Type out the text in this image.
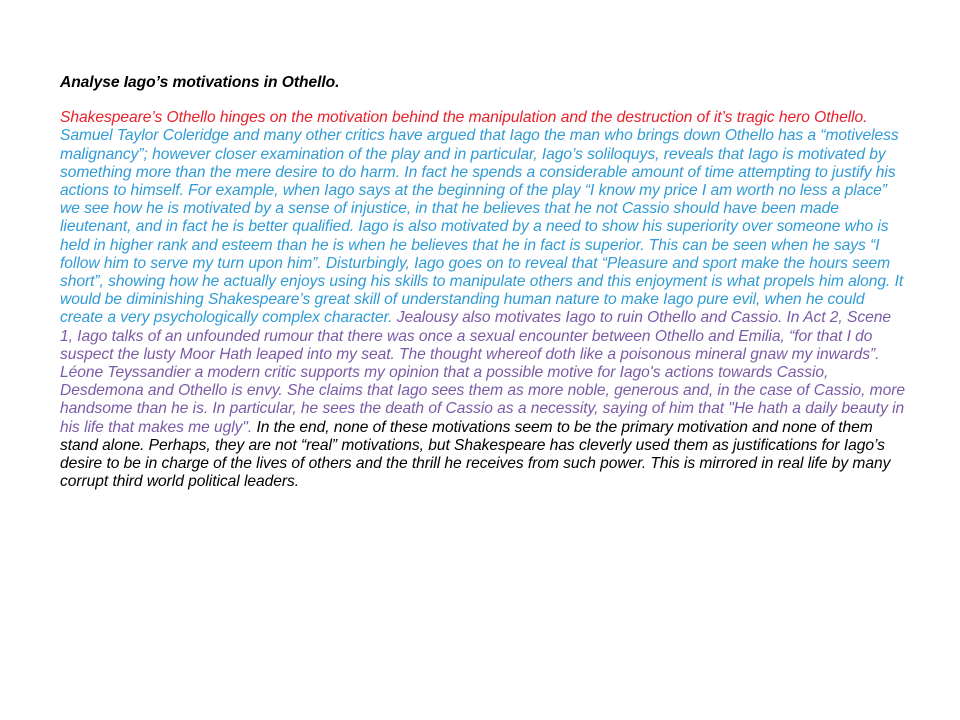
Analyse Iago’s motivations in Othello.

Shakespeare’s Othello hinges on the motivation behind the manipulation and the destruction of it’s tragic hero Othello. Samuel Taylor Coleridge and many other critics have argued that Iago the man who brings down Othello has a “motiveless malignancy”; however closer examination of the play and in particular, Iago’s soliloquys, reveals that Iago is motivated by something more than the mere desire to do harm. In fact he spends a considerable amount of time attempting to justify his actions to himself. For example, when Iago says at the beginning of the play “I know my price I am worth no less a place” we see how he is motivated by a sense of injustice, in that he believes that he not Cassio should have been made lieutenant, and in fact he is better qualified. Iago is also motivated by a need to show his superiority over someone who is held in higher rank and esteem than he is when he believes that he in fact is superior. This can be seen when he says “I follow him to serve my turn upon him”. Disturbingly, Iago goes on to reveal that “Pleasure and sport make the hours seem short”, showing how he actually enjoys using his skills to manipulate others and this enjoyment is what propels him along. It would be diminishing Shakespeare’s great skill of understanding human nature to make Iago pure evil, when he could create a very psychologically complex character. Jealousy also motivates Iago to ruin Othello and Cassio. In Act 2, Scene 1, Iago talks of an unfounded rumour that there was once a sexual encounter between Othello and Emilia, “for that I do suspect the lusty Moor Hath leaped into my seat. The thought whereof doth like a poisonous mineral gnaw my inwards”. Léone Teyssandier a modern critic supports my opinion that a possible motive for Iago's actions towards Cassio, Desdemona and Othello is envy. She claims that Iago sees them as more noble, generous and, in the case of Cassio, more handsome than he is. In particular, he sees the death of Cassio as a necessity, saying of him that "He hath a daily beauty in his life that makes me ugly". In the end, none of these motivations seem to be the primary motivation and none of them stand alone. Perhaps, they are not “real” motivations, but Shakespeare has cleverly used them as justifications for Iago’s desire to be in charge of the lives of others and the thrill he receives from such power. This is mirrored in real life by many corrupt third world political leaders.
